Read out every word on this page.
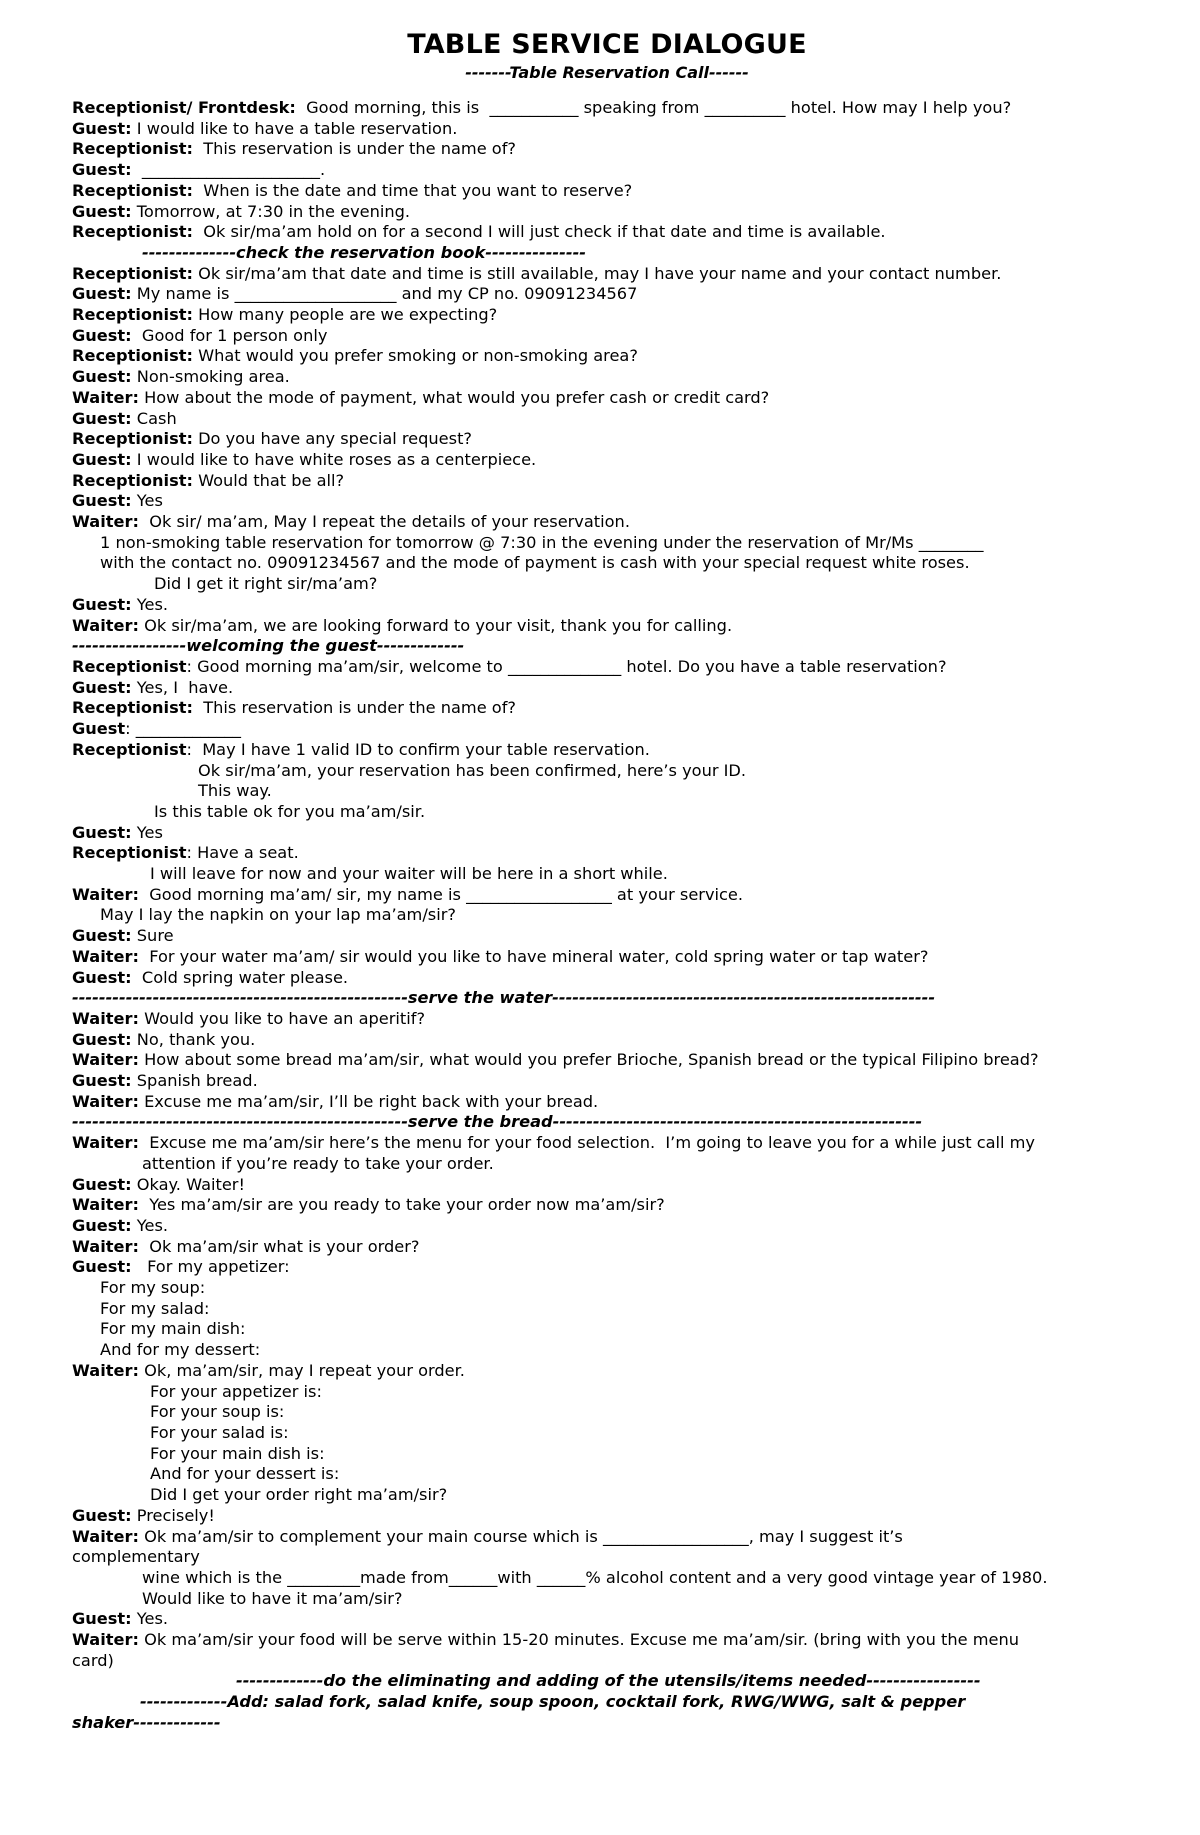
TABLE SERVICE DIALOGUE
-------Table Reservation Call------
Receptionist/ Frontdesk:  Good morning, this is  ___________ speaking from __________ hotel. How may I help you?
Guest: I would like to have a table reservation.
Receptionist:  This reservation is under the name of?
Guest:  ______________________.
Receptionist:  When is the date and time that you want to reserve?
Guest: Tomorrow, at 7:30 in the evening.
Receptionist:  Ok sir/ma’am hold on for a second I will just check if that date and time is available.
--------------check the reservation book---------------
Receptionist: Ok sir/ma’am that date and time is still available, may I have your name and your contact number.
Guest: My name is ____________________ and my CP no. 09091234567
Receptionist: How many people are we expecting?
Guest:  Good for 1 person only
Receptionist: What would you prefer smoking or non-smoking area?
Guest: Non-smoking area.
Waiter: How about the mode of payment, what would you prefer cash or credit card?
Guest: Cash
Receptionist: Do you have any special request?
Guest: I would like to have white roses as a centerpiece.
Receptionist: Would that be all?
Guest: Yes
Waiter:  Ok sir/ ma’am, May I repeat the details of your reservation.
1 non-smoking table reservation for tomorrow @ 7:30 in the evening under the reservation of Mr/Ms ________
with the contact no. 09091234567 and the mode of payment is cash with your special request white roses.
Did I get it right sir/ma’am?
Guest: Yes.
Waiter: Ok sir/ma’am, we are looking forward to your visit, thank you for calling.
-----------------welcoming the guest-------------
Receptionist: Good morning ma’am/sir, welcome to ______________ hotel. Do you have a table reservation?
Guest: Yes, I  have.
Receptionist:  This reservation is under the name of?
Guest: _____________
Receptionist:  May I have 1 valid ID to confirm your table reservation.
Ok sir/ma’am, your reservation has been confirmed, here’s your ID.
This way.
Is this table ok for you ma’am/sir.
Guest: Yes
Receptionist: Have a seat.
I will leave for now and your waiter will be here in a short while.
Waiter:  Good morning ma’am/ sir, my name is __________________ at your service.
May I lay the napkin on your lap ma’am/sir?
Guest: Sure
Waiter:  For your water ma’am/ sir would you like to have mineral water, cold spring water or tap water?
Guest:  Cold spring water please.
--------------------------------------------------serve the water---------------------------------------------------------
Waiter: Would you like to have an aperitif?
Guest: No, thank you.
Waiter: How about some bread ma’am/sir, what would you prefer Brioche, Spanish bread or the typical Filipino bread?
Guest: Spanish bread.
Waiter: Excuse me ma’am/sir, I’ll be right back with your bread.
--------------------------------------------------serve the bread-------------------------------------------------------
Waiter:  Excuse me ma’am/sir here’s the menu for your food selection.  I’m going to leave you for a while just call my
attention if you’re ready to take your order.
Guest: Okay. Waiter!
Waiter:  Yes ma’am/sir are you ready to take your order now ma’am/sir?
Guest: Yes.
Waiter:  Ok ma’am/sir what is your order?
Guest:   For my appetizer:
For my soup:
For my salad:
For my main dish:
And for my dessert:
Waiter: Ok, ma’am/sir, may I repeat your order.
For your appetizer is:
For your soup is:
For your salad is:
For your main dish is:
And for your dessert is:
Did I get your order right ma’am/sir?
Guest: Precisely!
Waiter: Ok ma’am/sir to complement your main course which is __________________, may I suggest it’s
complementary
wine which is the _________made from______with ______% alcohol content and a very good vintage year of 1980.
Would like to have it ma’am/sir?
Guest: Yes.
Waiter: Ok ma’am/sir your food will be serve within 15-20 minutes. Excuse me ma’am/sir. (bring with you the menu
card)
-------------do the eliminating and adding of the utensils/items needed-----------------
-------------Add: salad fork, salad knife, soup spoon, cocktail fork, RWG/WWG, salt & pepper
shaker-------------
